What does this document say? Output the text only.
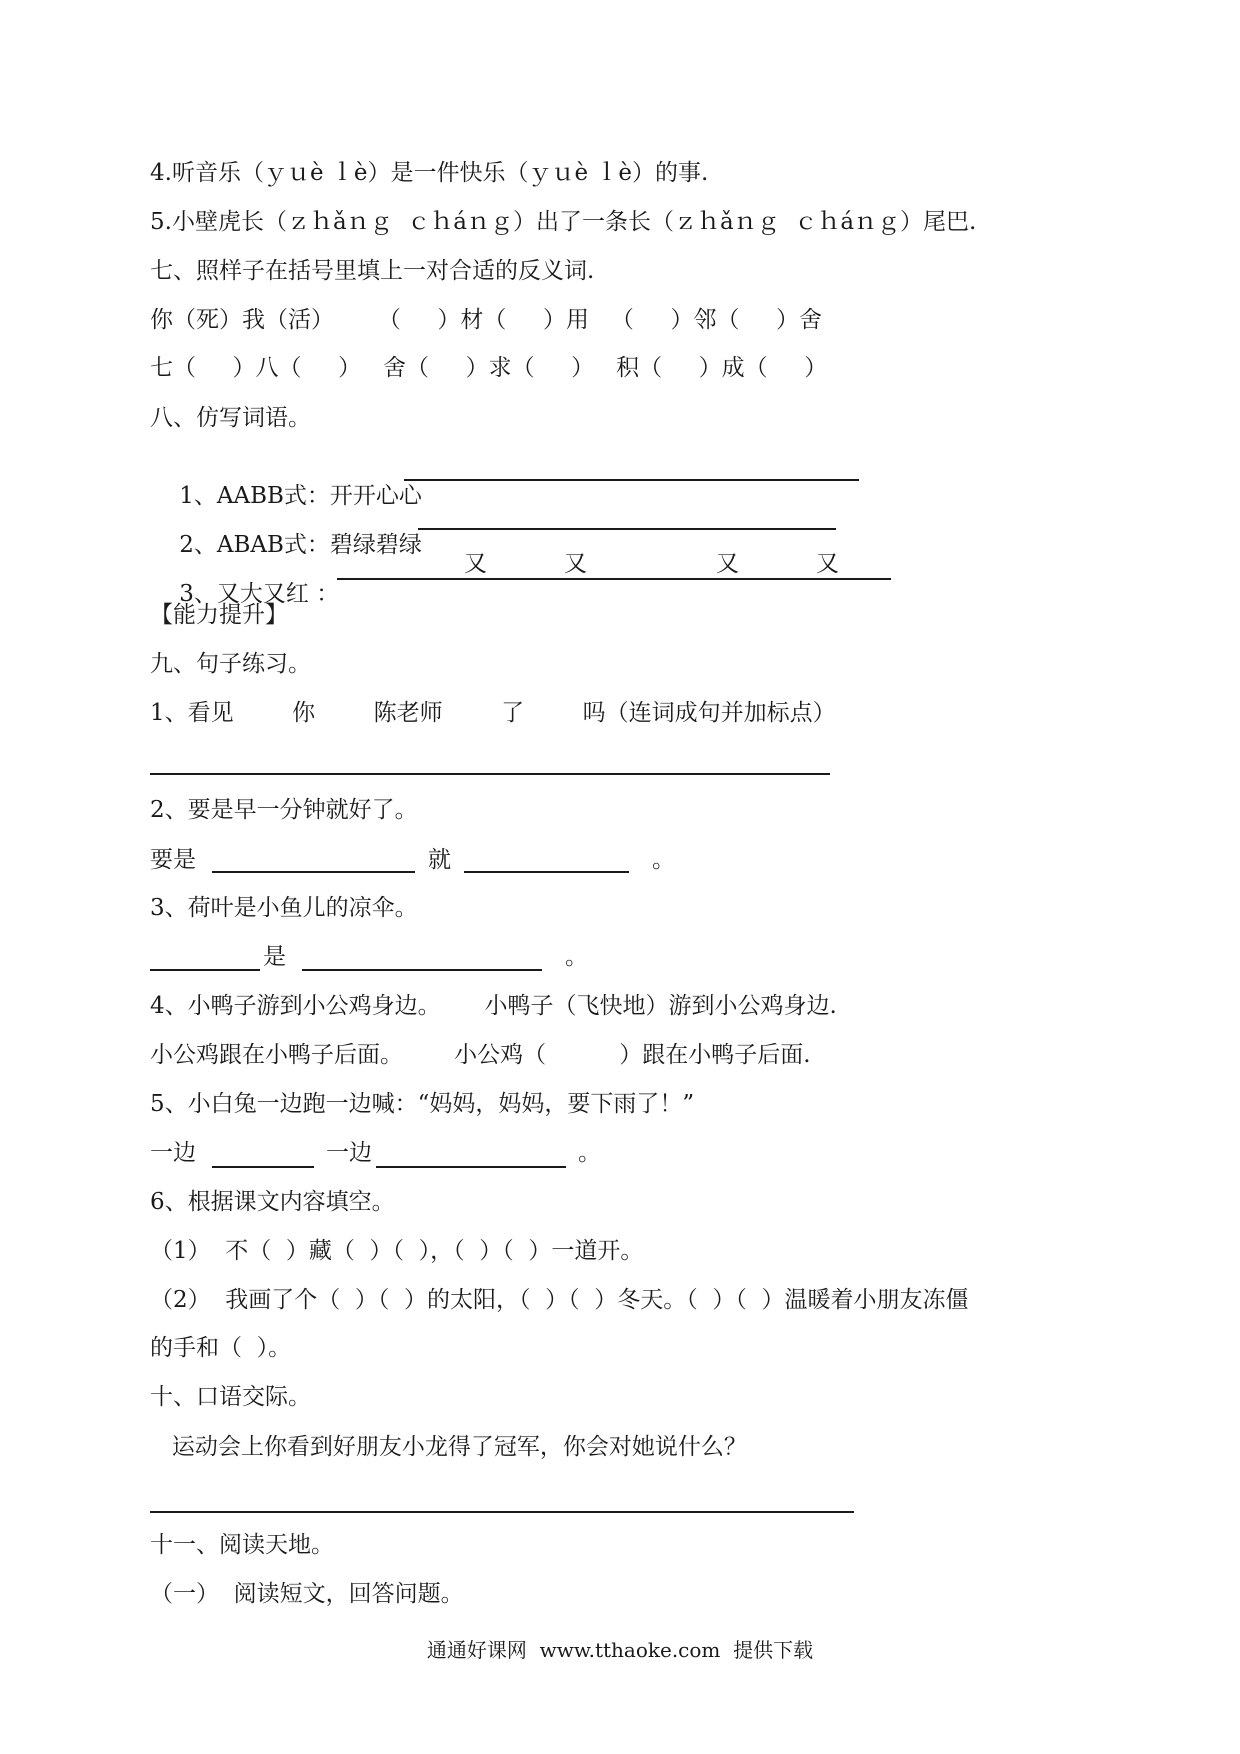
4.听音乐（ｙｕè ｌè）是一件快乐（ｙｕè ｌè）的事.
5.小壁虎长（ｚｈǎｎｇ  ｃｈáｎｇ）出了一条长（ｚｈǎｎｇ  ｃｈáｎｇ）尾巴.
七、照样子在括号里填上一对合适的反义词.
你（死）我（活）      （     ）材（     ）用   （     ）邻（     ）舍
七（     ）八（     ）   舍（     ）求（     ）   积（     ）成（     ）
八、仿写词语。

1、AABB式：开开心心

2、ABAB式：碧绿碧绿

3、又大又红 ：

又	又	又	又
【能力提升】
九、句子练习。
1、看见        你        陈老师        了        吗（连词成句并加标点）
2、要是早一分钟就好了。
要是	就	。
3、荷叶是小鱼儿的凉伞。
是	。
4、小鸭子游到小公鸡身边。      小鸭子（飞快地）游到小公鸡身边.
小公鸡跟在小鸭子后面。       小公鸡（          ）跟在小鸭子后面.
5、小白兔一边跑一边喊：“妈妈，妈妈，要下雨了！”
一边	一边	。
6、根据课文内容填空。
（1）  不（  ）藏（  ）（  ），（  ）（  ）一道开。
（2）  我画了个（  ）（  ）的太阳，（  ）（  ）冬天。（  ）（  ）温暖着小朋友冻僵
的手和（  ）。
十、口语交际。
运动会上你看到好朋友小龙得了冠军，你会对她说什么？
十一、阅读天地。
（一）  阅读短文，回答问题。
通通好课网  www.tthaoke.com  提供下载
